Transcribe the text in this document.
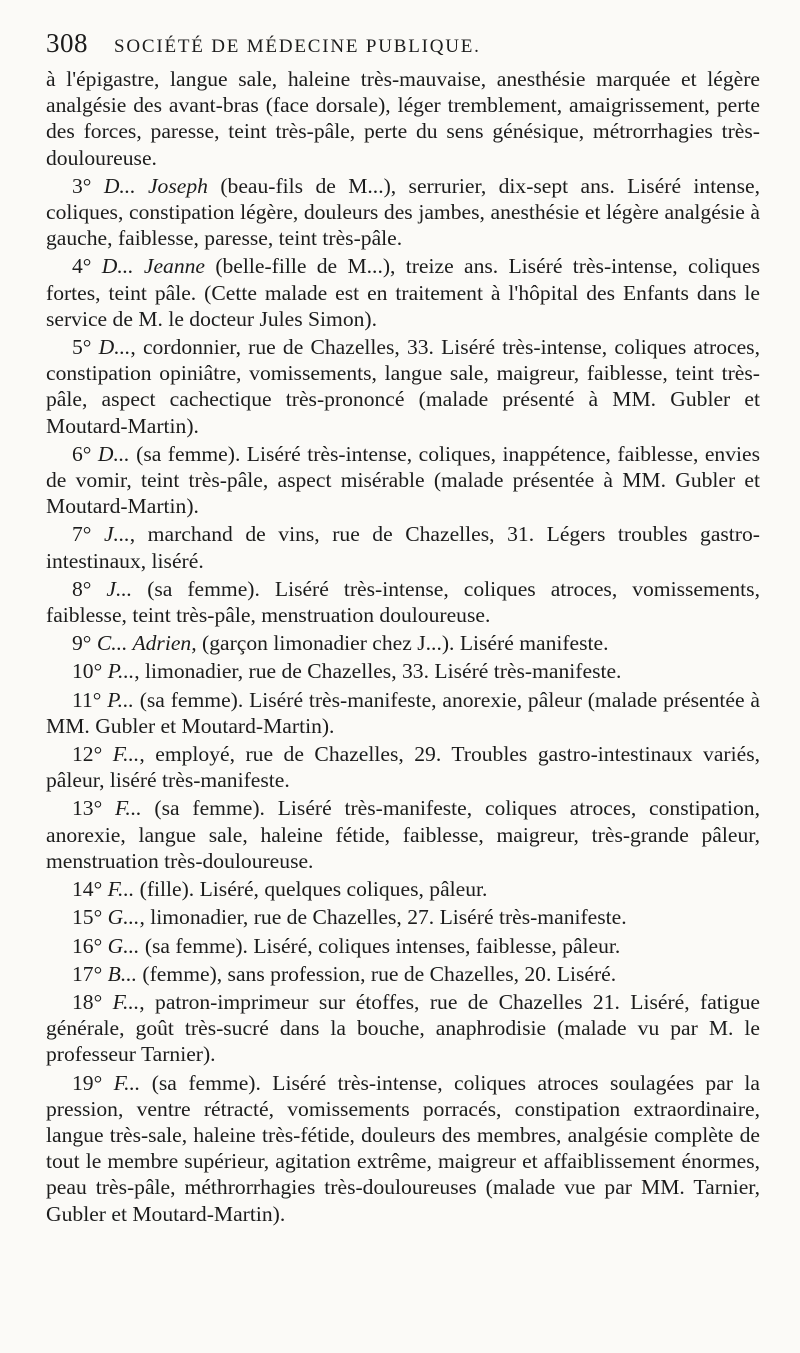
308 SOCIÉTÉ DE MÉDECINE PUBLIQUE.

à l'épigastre, langue sale, haleine très-mauvaise, anesthésie marquée et légère analgésie des avant-bras (face dorsale), léger tremblement, amaigrissement, perte des forces, paresse, teint très-pâle, perte du sens génésique, métrorrhagies très-douloureuse.

3° D... Joseph (beau-fils de M...), serrurier, dix-sept ans. Liséré intense, coliques, constipation légère, douleurs des jambes, anesthésie et légère analgésie à gauche, faiblesse, paresse, teint très-pâle.

4° D... Jeanne (belle-fille de M...), treize ans. Liséré très-intense, coliques fortes, teint pâle. (Cette malade est en traitement à l'hôpital des Enfants dans le service de M. le docteur Jules Simon).

5° D..., cordonnier, rue de Chazelles, 33. Liséré très-intense, coliques atroces, constipation opiniâtre, vomissements, langue sale, maigreur, faiblesse, teint très-pâle, aspect cachectique très-prononcé (malade présenté à MM. Gubler et Moutard-Martin).

6° D... (sa femme). Liséré très-intense, coliques, inappétence, faiblesse, envies de vomir, teint très-pâle, aspect misérable (malade présentée à MM. Gubler et Moutard-Martin).

7° J..., marchand de vins, rue de Chazelles, 31. Légers troubles gastro-intestinaux, liséré.

8° J... (sa femme). Liséré très-intense, coliques atroces, vomissements, faiblesse, teint très-pâle, menstruation douloureuse.

9° C... Adrien, (garçon limonadier chez J...). Liséré manifeste.

10° P..., limonadier, rue de Chazelles, 33. Liséré très-manifeste.

11° P... (sa femme). Liséré très-manifeste, anorexie, pâleur (malade présentée à MM. Gubler et Moutard-Martin).

12° F..., employé, rue de Chazelles, 29. Troubles gastro-intestinaux variés, pâleur, liséré très-manifeste.

13° F... (sa femme). Liséré très-manifeste, coliques atroces, constipation, anorexie, langue sale, haleine fétide, faiblesse, maigreur, très-grande pâleur, menstruation très-douloureuse.

14° F... (fille). Liséré, quelques coliques, pâleur.

15° G..., limonadier, rue de Chazelles, 27. Liséré très-manifeste.

16° G... (sa femme). Liséré, coliques intenses, faiblesse, pâleur.

17° B... (femme), sans profession, rue de Chazelles, 20. Liséré.

18° F..., patron-imprimeur sur étoffes, rue de Chazelles 21. Liséré, fatigue générale, goût très-sucré dans la bouche, anaphrodisie (malade vu par M. le professeur Tarnier).

19° F... (sa femme). Liséré très-intense, coliques atroces soulagées par la pression, ventre rétracté, vomissements porracés, constipation extraordinaire, langue très-sale, haleine très-fétide, douleurs des membres, analgésie complète de tout le membre supérieur, agitation extrême, maigreur et affaiblissement énormes, peau très-pâle, méthrorrhagies très-douloureuses (malade vue par MM. Tarnier, Gubler et Moutard-Martin).
